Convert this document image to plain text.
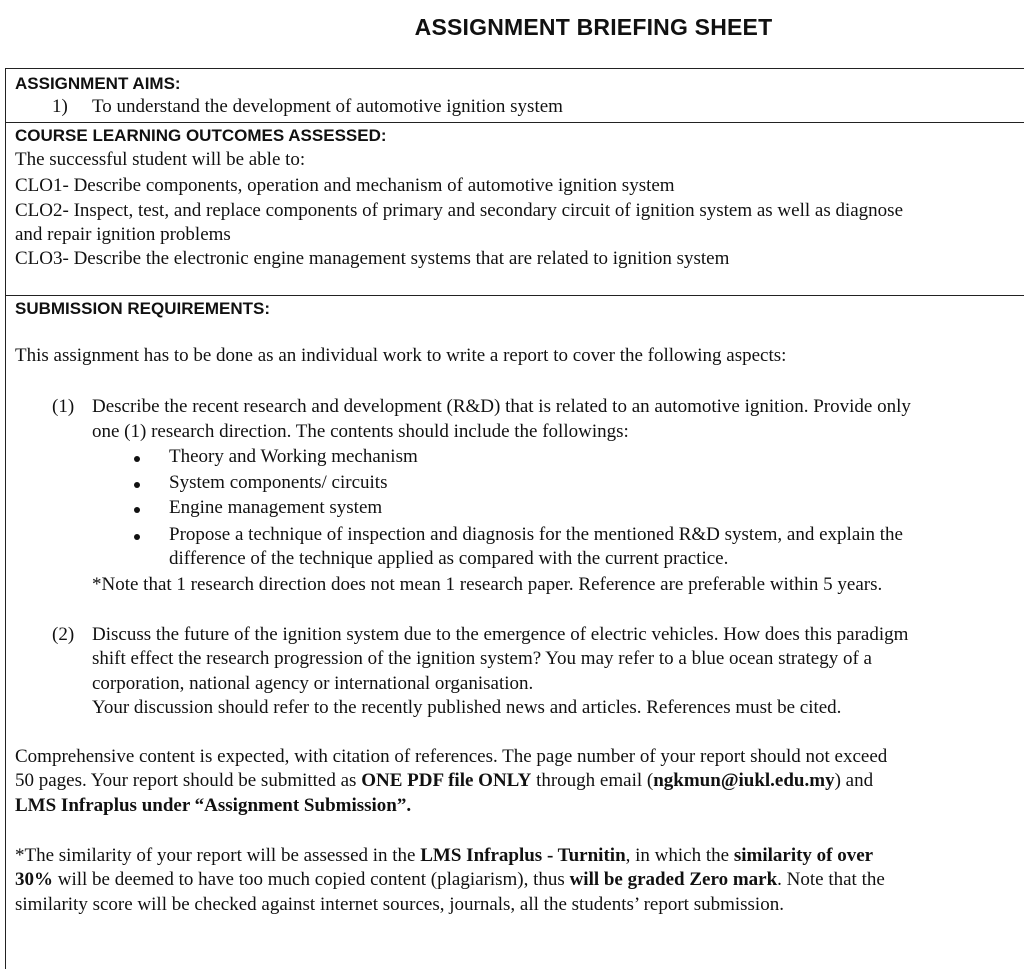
ASSIGNMENT BRIEFING SHEET
ASSIGNMENT AIMS:
1) To understand the development of automotive ignition system
COURSE LEARNING OUTCOMES ASSESSED:
The successful student will be able to:
CLO1- Describe components, operation and mechanism of automotive ignition system
CLO2- Inspect, test, and replace components of primary and secondary circuit of ignition system as well as diagnose
and repair ignition problems
CLO3- Describe the electronic engine management systems that are related to ignition system
SUBMISSION REQUIREMENTS:
This assignment has to be done as an individual work to write a report to cover the following aspects:
(1) Describe the recent research and development (R&D) that is related to an automotive ignition. Provide only
one (1) research direction. The contents should include the followings:
Theory and Working mechanism
System components/ circuits
Engine management system
Propose a technique of inspection and diagnosis for the mentioned R&D system, and explain the
difference of the technique applied as compared with the current practice.
*Note that 1 research direction does not mean 1 research paper. Reference are preferable within 5 years.
(2) Discuss the future of the ignition system due to the emergence of electric vehicles. How does this paradigm
shift effect the research progression of the ignition system? You may refer to a blue ocean strategy of a
corporation, national agency or international organisation.
Your discussion should refer to the recently published news and articles. References must be cited.
Comprehensive content is expected, with citation of references. The page number of your report should not exceed
50 pages. Your report should be submitted as ONE PDF file ONLY through email (ngkmun@iukl.edu.my) and
LMS Infraplus under “Assignment Submission”.
*The similarity of your report will be assessed in the LMS Infraplus - Turnitin, in which the similarity of over
30% will be deemed to have too much copied content (plagiarism), thus will be graded Zero mark. Note that the
similarity score will be checked against internet sources, journals, all the students’ report submission.
